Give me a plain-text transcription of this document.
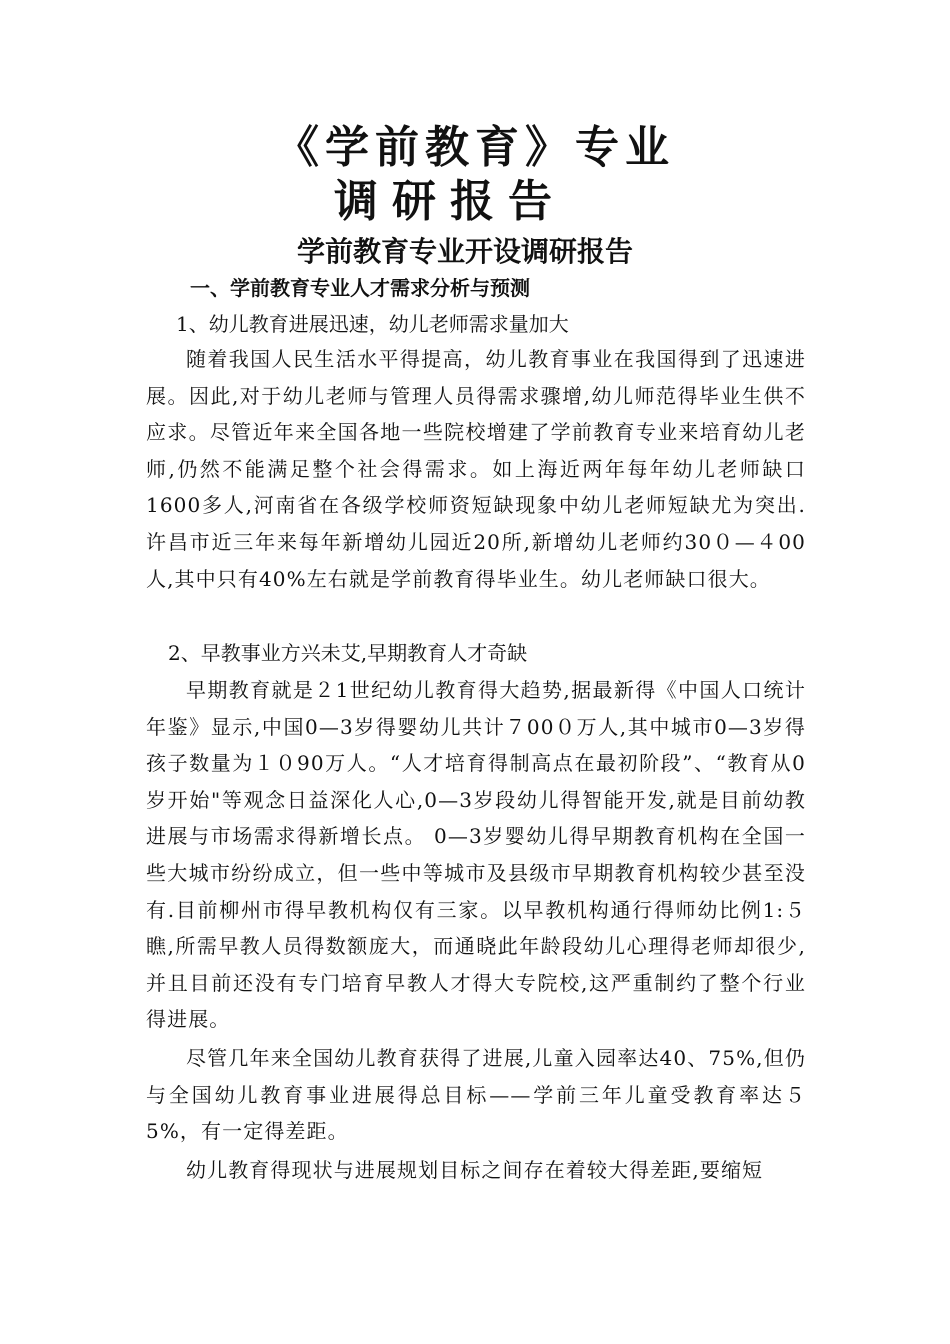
《学前教育》专业
调研报告
学前教育专业开设调研报告
一、学前教育专业人才需求分析与预测

1、幼儿教育进展迅速，幼儿老师需求量加大

随着我国人民生活水平得提高，幼儿教育事业在我国得到了迅速进展。因此,对于幼儿老师与管理人员得需求骤增,幼儿师范得毕业生供不应求。尽管近年来全国各地一些院校增建了学前教育专业来培育幼儿老师,仍然不能满足整个社会得需求。如上海近两年每年幼儿老师缺口1600多人,河南省在各级学校师资短缺现象中幼儿老师短缺尤为突出.许昌市近三年来每年新增幼儿园近20所,新增幼儿老师约30０—４00人,其中只有40%左右就是学前教育得毕业生。幼儿老师缺口很大。

2、早教事业方兴未艾,早期教育人才奇缺

早期教育就是２1世纪幼儿教育得大趋势,据最新得《中国人口统计年鉴》显示,中国0—3岁得婴幼儿共计７00０万人,其中城市0—3岁得孩子数量为１０90万人。“人才培育得制高点在最初阶段”、“教育从0岁开始"等观念日益深化人心,0—3岁段幼儿得智能开发,就是目前幼教进展与市场需求得新增长点。 0—3岁婴幼儿得早期教育机构在全国一些大城市纷纷成立，但一些中等城市及县级市早期教育机构较少甚至没有.目前柳州市得早教机构仅有三家。以早教机构通行得师幼比例1:５瞧,所需早教人员得数额庞大，而通晓此年龄段幼儿心理得老师却很少,并且目前还没有专门培育早教人才得大专院校,这严重制约了整个行业得进展。

尽管几年来全国幼儿教育获得了进展,儿童入园率达40、75%,但仍与全国幼儿教育事业进展得总目标——学前三年儿童受教育率达５5%，有一定得差距。

幼儿教育得现状与进展规划目标之间存在着较大得差距,要缩短
